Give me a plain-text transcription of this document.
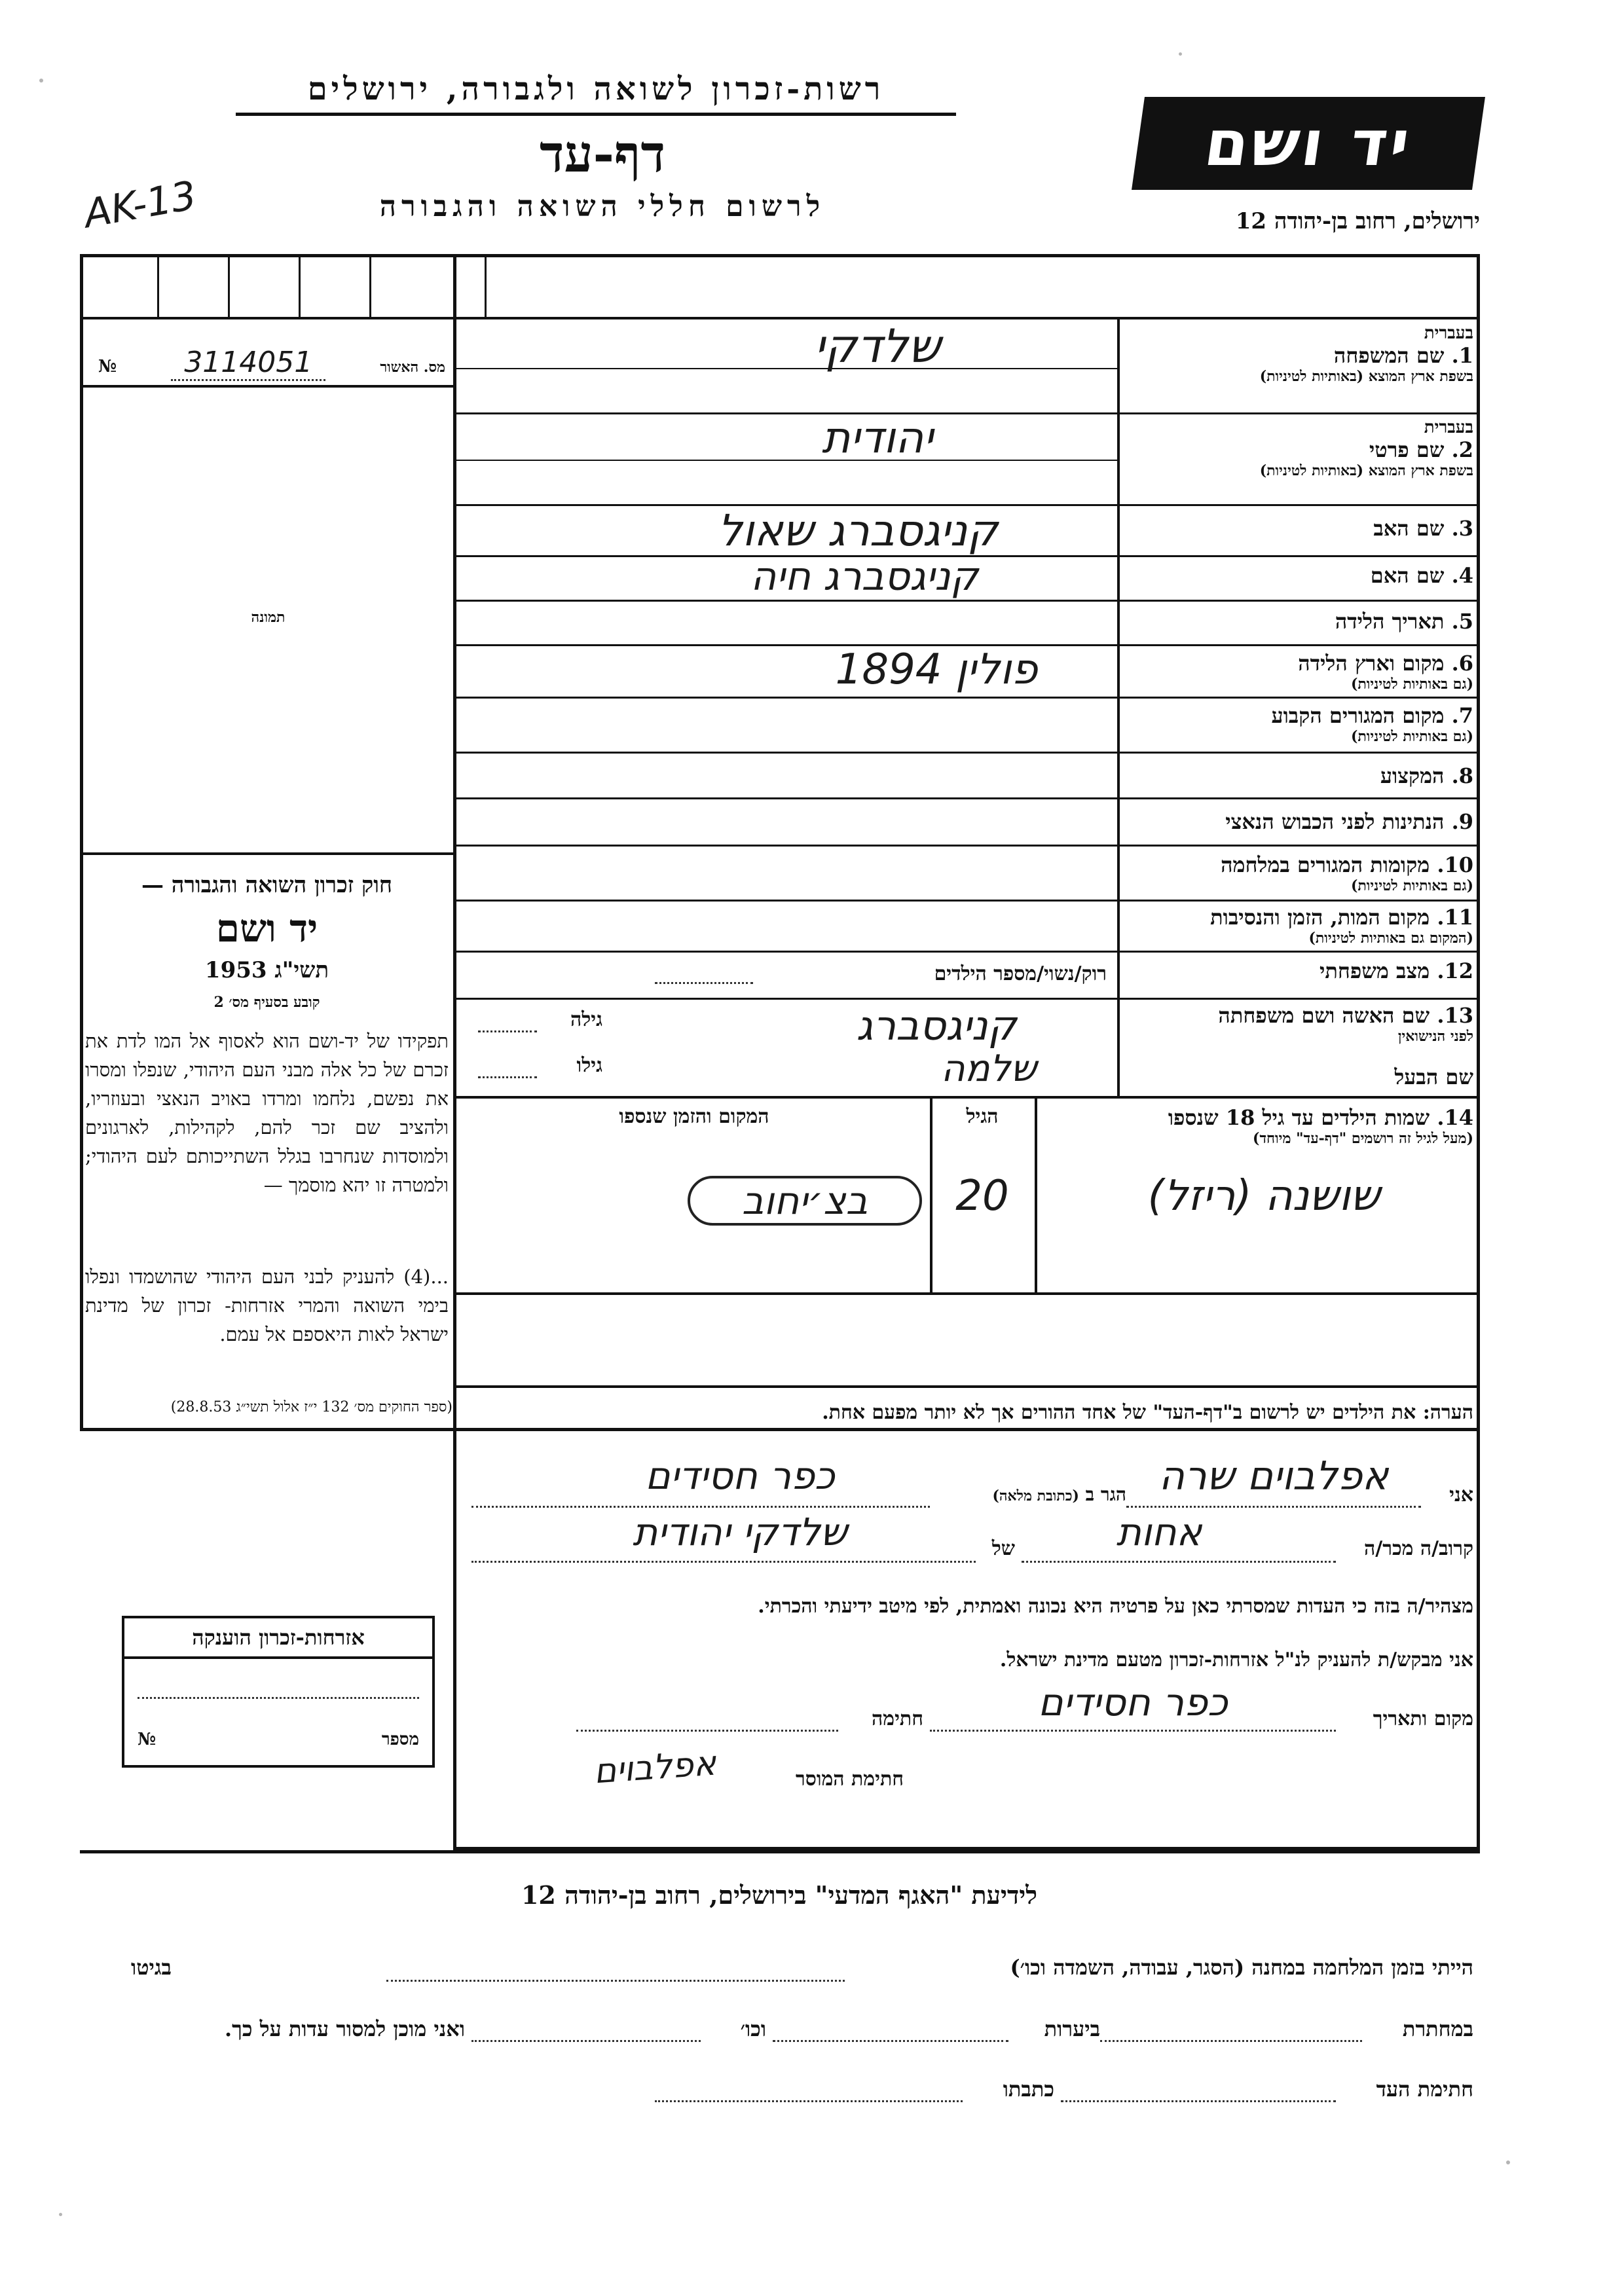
רשות-זכרון לשואה ולגבורה, ירושלים
דף-עד
לרשום חללי השואה והגבורה
יד ושם
ירושלים, רחוב בן-יהודה 12
AK-13
מס. האשור
3114051
№
תמונה
חוק זכרון השואה והגבורה —
יד ושם
תשי"ג 1953
קובע בסעיף מס׳ 2
תפקידו של יד-ושם הוא לאסוף אל המו לדת את זכרם של כל אלה מבני העם היהודי, שנפלו ומסרו את נפשם, נלחמו ומרדו באויב הנאצי ובעוזריו, ולהציב שם זכר להם, לקהילות, לארגונים ולמוסדות שנחרבו בגלל השתייכותם לעם היהודי; ולמטרה זו יהא מוסמך —
...(4) להעניק לבני העם היהודי שהושמדו ונפלו בימי השואה והמרי אזרחות- זכרון של מדינת ישראל לאות היאספם אל עמם.
(ספר החוקים מס׳ 132 י״ז אלול תשי״ג 28.8.53)
בעברית
1. שם המשפחה
בשפת ארץ המוצא (באותיות לטיניות)
שלדקי
בעברית
2. שם פרטי
בשפת ארץ המוצא (באותיות לטיניות)
יהודית
3. שם האב
קניגסברג שאול
4. שם האם
קניגסברג חיה
5. תאריך הלידה
6. מקום וארץ הלידה
(גם באותיות לטיניות)
פולין 1894
7. מקום המגורים הקבוע
(גם באותיות לטיניות)
8. המקצוע
9. הנתינות לפני הכבוש הנאצי
10. מקומות המגורים במלחמה
(גם באותיות לטיניות)
11. מקום המות, הזמן והנסיבות
(המקום גם באותיות לטיניות)
12. מצב משפחתי
רוק/נשוי/מספר הילדים
13. שם האשה ושם משפחתה
לפני הנישואין
שם הבעל
גילה	קניגסברג
גילו	שלמה
14. שמות הילדים עד גיל 18 שנספו
(מעל לגיל זה רושמים "דף-עד" מיוחד)
הגיל
המקום והזמן שנספו
שושנה (ריזל)
20
בצ׳יחוב
הערה: את הילדים יש לרשום ב"דף-העד" של אחד ההורים אך לא יותר מפעם אחת.
אני
אפלבוים שרה
הגר ב (כתובת מלאה)
כפר חסידים
קרוב/ה מכר/ה
אחות
של
שלדקי יהודית
מצהיר/ה בזה כי העדות שמסרתי כאן על פרטיה היא נכונה ואמתית, לפי מיטב ידיעתי והכרתי.
אני מבקש/ת להעניק לנ"ל אזרחות-זכרון מטעם מדינת ישראל.
מקום ותאריך
כפר חסידים
חתימה
חתימת המוסר
אפלבוים
אזרחות-זכרון הוענקה
מספר
№
לידיעת "האגף המדעי" בירושלים, רחוב בן-יהודה 12
הייתי בזמן המלחמה במחנה (הסגר, עבודה, השמדה וכו׳)
בגיטו
במחתרת
ביערות
וכו׳
ואני מוכן למסור עדות על כך.
חתימת העד
כתבתו
